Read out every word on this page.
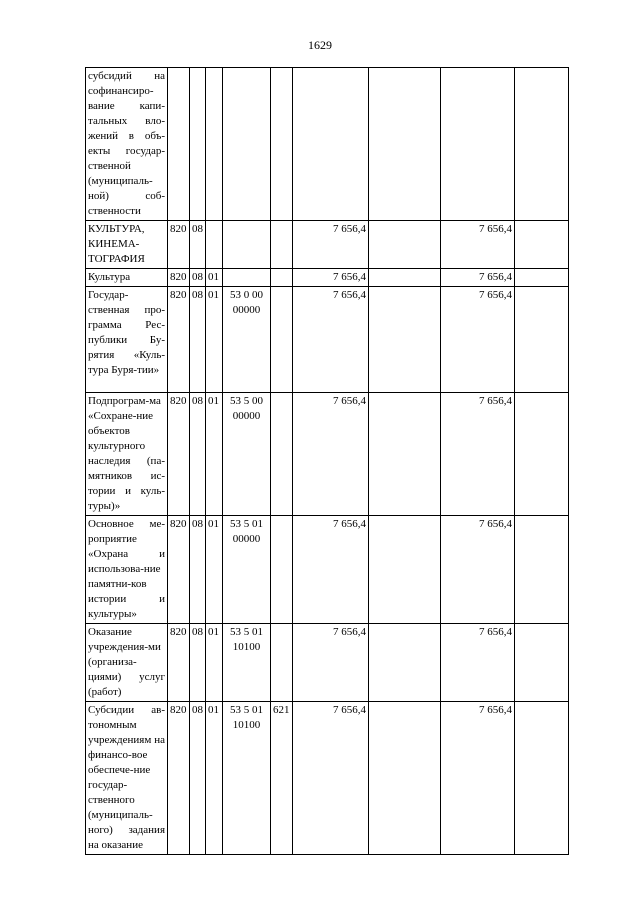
1629
субсидий на софинансиро-вание капи-тальных вло-жений в объ-екты государ-ственной (муниципаль-ной) соб-ственности									
КУЛЬТУРА, КИНЕМА-ТОГРАФИЯ	820	08				7 656,4		7 656,4	
Культура	820	08	01			7 656,4		7 656,4	
Государ-ственная про-грамма Рес-публики Бу-рятия «Куль-тура Буря-тии»	820	08	01	53 0 00 00000		7 656,4		7 656,4	
Подпрограм-ма «Сохране-ние объектов культурного наследия (па-мятников ис-тории и куль-туры)»	820	08	01	53 5 00 00000		7 656,4		7 656,4	
Основное ме-роприятие «Охрана и использова-ние памятни-ков истории и культуры»	820	08	01	53 5 01 00000		7 656,4		7 656,4	
Оказание учреждения-ми (организа-циями) услуг (работ)	820	08	01	53 5 01 10100		7 656,4		7 656,4	
Субсидии ав-тономным учреждениям на финансо-вое обеспече-ние государ-ственного (муниципаль-ного) задания на оказание	820	08	01	53 5 01 10100	621	7 656,4		7 656,4	
